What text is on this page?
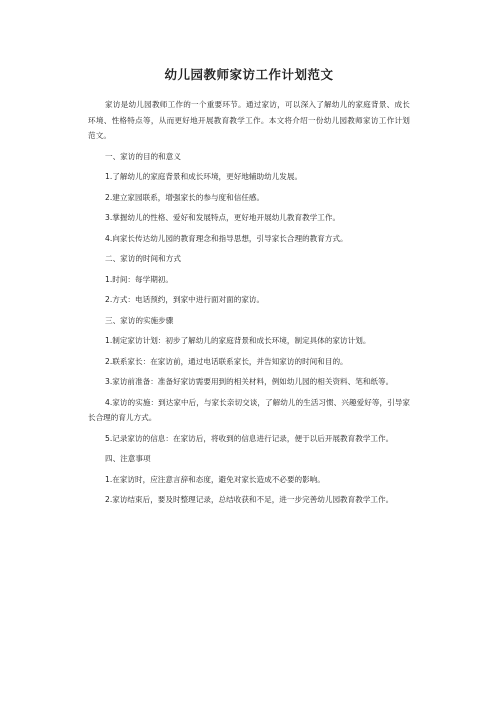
幼儿园教师家访工作计划范文

家访是幼儿园教师工作的一个重要环节。通过家访，可以深入了解幼儿的家庭背景、成长环境、性格特点等，从而更好地开展教育教学工作。本文将介绍一份幼儿园教师家访工作计划范文。

一、家访的目的和意义

1.了解幼儿的家庭背景和成长环境，更好地辅助幼儿发展。

2.建立家园联系，增强家长的参与度和信任感。

3.掌握幼儿的性格、爱好和发展特点，更好地开展幼儿教育教学工作。

4.向家长传达幼儿园的教育理念和指导思想，引导家长合理的教育方式。

二、家访的时间和方式

1.时间：每学期初。

2.方式：电话预约，到家中进行面对面的家访。

三、家访的实施步骤

1.制定家访计划：初步了解幼儿的家庭背景和成长环境，制定具体的家访计划。

2.联系家长：在家访前，通过电话联系家长，并告知家访的时间和目的。

3.家访前准备：准备好家访需要用到的相关材料，例如幼儿园的相关资料、笔和纸等。

4.家访的实施：到达家中后，与家长亲切交谈，了解幼儿的生活习惯、兴趣爱好等，引导家长合理的育儿方式。

5.记录家访的信息：在家访后，将收到的信息进行记录，便于以后开展教育教学工作。

四、注意事项

1.在家访时，应注意言辞和态度，避免对家长造成不必要的影响。

2.家访结束后，要及时整理记录，总结收获和不足，进一步完善幼儿园教育教学工作。
